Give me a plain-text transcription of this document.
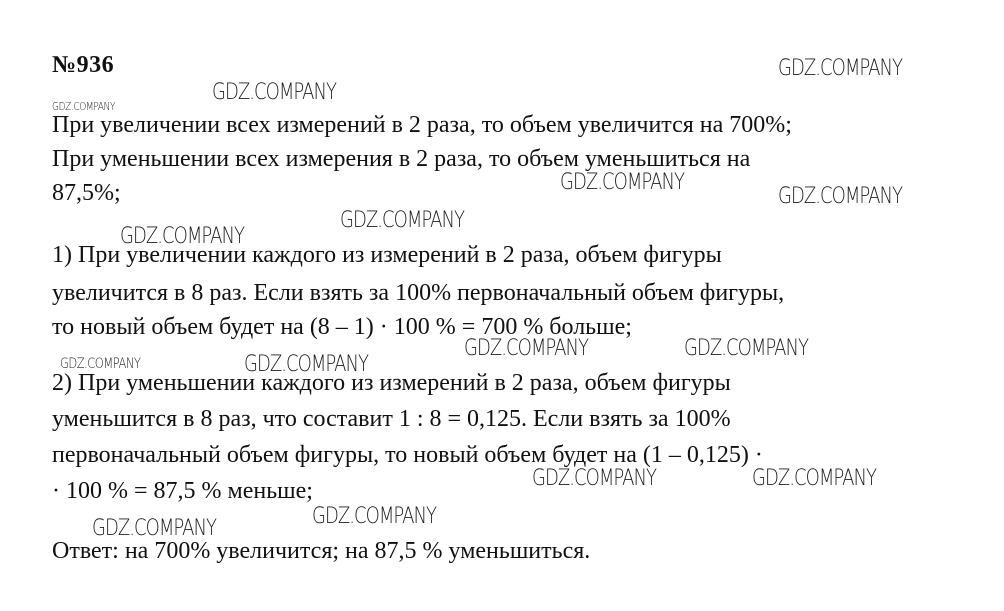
№936
При увеличении всех измерений в 2 раза, то объем увеличится на 700%;
При уменьшении всех измерения в 2 раза, то объем уменьшиться на
87,5%;
1) При увеличении каждого из измерений в 2 раза, объем фигуры
увеличится в 8 раз. Если взять за 100% первоначальный объем фигуры,
то новый объем будет на (8 – 1) · 100 % = 700 % больше;
2) При уменьшении каждого из измерений в 2 раза, объем фигуры
уменьшится в 8 раз, что составит 1 : 8 = 0,125. Если взять за 100%
первоначальный объем фигуры, то новый объем будет на (1 – 0,125) ·
· 100 % = 87,5 % меньше;
Ответ: на 700% увеличится; на 87,5 % уменьшиться.
GDZ.COMPANY
GDZ.COMPANY
GDZ.COMPANY
GDZ.COMPANY
GDZ.COMPANY
GDZ.COMPANY
GDZ.COMPANY
GDZ.COMPANY	GDZ.COMPANY
GDZ.COMPANY	GDZ.COMPANY
GDZ.COMPANY	GDZ.COMPANY
GDZ.COMPANY
GDZ.COMPANY
